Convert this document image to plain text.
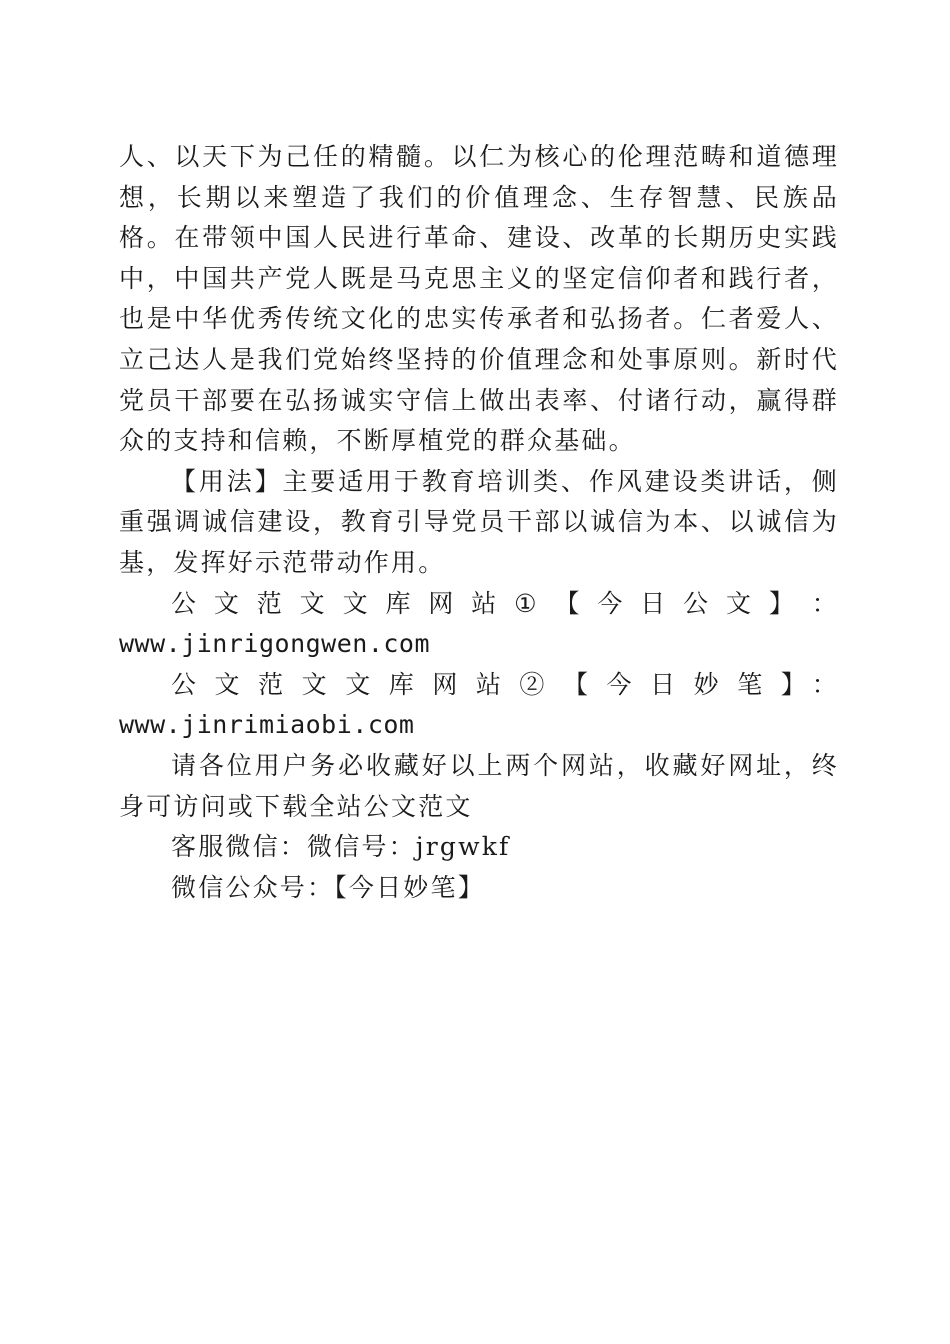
人、以天下为己任的精髓。以仁为核心的伦理范畴和道德理想，长期以来塑造了我们的价值理念、生存智慧、民族品格。在带领中国人民进行革命、建设、改革的长期历史实践中，中国共产党人既是马克思主义的坚定信仰者和践行者，也是中华优秀传统文化的忠实传承者和弘扬者。仁者爱人、立己达人是我们党始终坚持的价值理念和处事原则。新时代党员干部要在弘扬诚实守信上做出表率、付诸行动，赢得群众的支持和信赖，不断厚植党的群众基础。

【用法】主要适用于教育培训类、作风建设类讲话，侧重强调诚信建设，教育引导党员干部以诚信为本、以诚信为基，发挥好示范带动作用。

公 文 范 文 文 库 网 站 ① 【 今 日 公 文 】 ：

www.jinrigongwen.com

公文范文文库网站②【今日妙笔】：www.jinrimiaobi.com

请各位用户务必收藏好以上两个网站，收藏好网址，终身可访问或下载全站公文范文

客服微信：微信号：jrgwkf

微信公众号：【今日妙笔】
